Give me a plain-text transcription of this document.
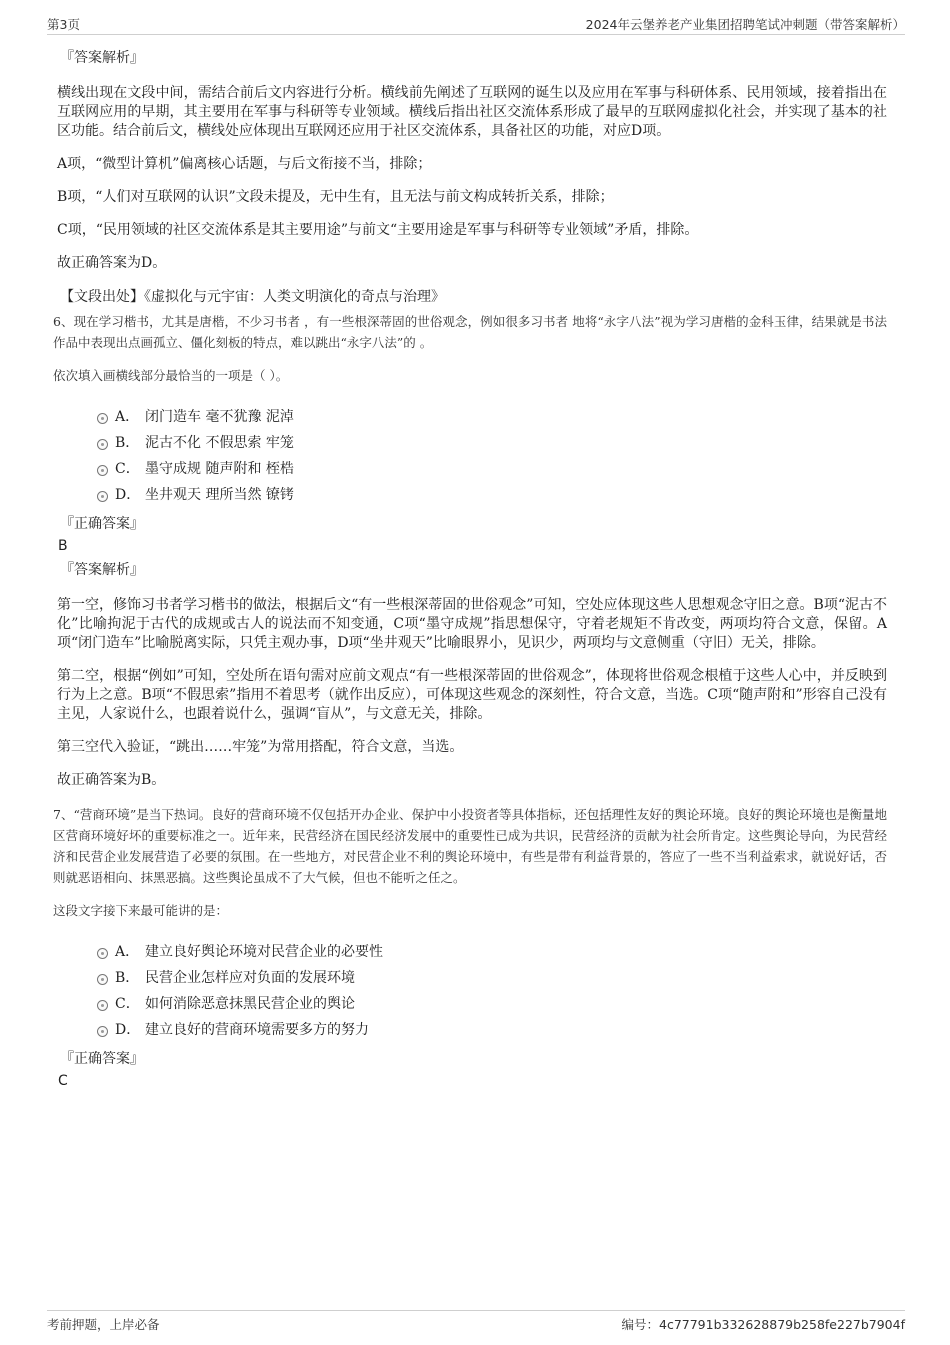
第3页	2024年云堡养老产业集团招聘笔试冲刺题（带答案解析）
『答案解析』
横线出现在文段中间，需结合前后文内容进行分析。横线前先阐述了互联网的诞生以及应用在军事与科研体系、民用领域，接着指出在互联网应用的早期，其主要用在军事与科研等专业领域。横线后指出社区交流体系形成了最早的互联网虚拟化社会，并实现了基本的社区功能。结合前后文，横线处应体现出互联网还应用于社区交流体系，具备社区的功能，对应D项。
A项，“微型计算机”偏离核心话题，与后文衔接不当，排除；
B项，“人们对互联网的认识”文段未提及，无中生有，且无法与前文构成转折关系，排除；
C项，“民用领域的社区交流体系是其主要用途”与前文“主要用途是军事与科研等专业领域”矛盾，排除。
故正确答案为D。
【文段出处】《虚拟化与元宇宙：人类文明演化的奇点与治理》
6、现在学习楷书，尤其是唐楷，不少习书者 ，有一些根深蒂固的世俗观念，例如很多习书者 地将“永字八法”视为学习唐楷的金科玉律，结果就是书法作品中表现出点画孤立、僵化刻板的特点，难以跳出“永字八法”的 。
依次填入画横线部分最恰当的一项是（ ）。
A． 闭门造车 毫不犹豫 泥淖
B． 泥古不化 不假思索 牢笼
C． 墨守成规 随声附和 桎梏
D． 坐井观天 理所当然 镣铐
『正确答案』
B
『答案解析』
第一空，修饰习书者学习楷书的做法，根据后文“有一些根深蒂固的世俗观念”可知，空处应体现这些人思想观念守旧之意。B项“泥古不化”比喻拘泥于古代的成规或古人的说法而不知变通，C项“墨守成规”指思想保守，守着老规矩不肯改变，两项均符合文意，保留。A项“闭门造车”比喻脱离实际，只凭主观办事，D项“坐井观天”比喻眼界小，见识少，两项均与文意侧重（守旧）无关，排除。
第二空，根据“例如”可知，空处所在语句需对应前文观点“有一些根深蒂固的世俗观念”，体现将世俗观念根植于这些人心中，并反映到行为上之意。B项“不假思索”指用不着思考（就作出反应），可体现这些观念的深刻性，符合文意，当选。C项“随声附和”形容自己没有主见，人家说什么，也跟着说什么，强调“盲从”，与文意无关，排除。
第三空代入验证，“跳出……牢笼”为常用搭配，符合文意，当选。
故正确答案为B。
7、“营商环境”是当下热词。良好的营商环境不仅包括开办企业、保护中小投资者等具体指标，还包括理性友好的舆论环境。良好的舆论环境也是衡量地区营商环境好坏的重要标准之一。近年来，民营经济在国民经济发展中的重要性已成为共识，民营经济的贡献为社会所肯定。这些舆论导向，为民营经济和民营企业发展营造了必要的氛围。在一些地方，对民营企业不利的舆论环境中，有些是带有利益背景的，答应了一些不当利益索求，就说好话，否则就恶语相向、抹黑恶搞。这些舆论虽成不了大气候，但也不能听之任之。
这段文字接下来最可能讲的是：
A． 建立良好舆论环境对民营企业的必要性
B． 民营企业怎样应对负面的发展环境
C． 如何消除恶意抹黑民营企业的舆论
D． 建立良好的营商环境需要多方的努力
『正确答案』
C
考前押题，上岸必备	编号：4c77791b332628879b258fe227b7904f
